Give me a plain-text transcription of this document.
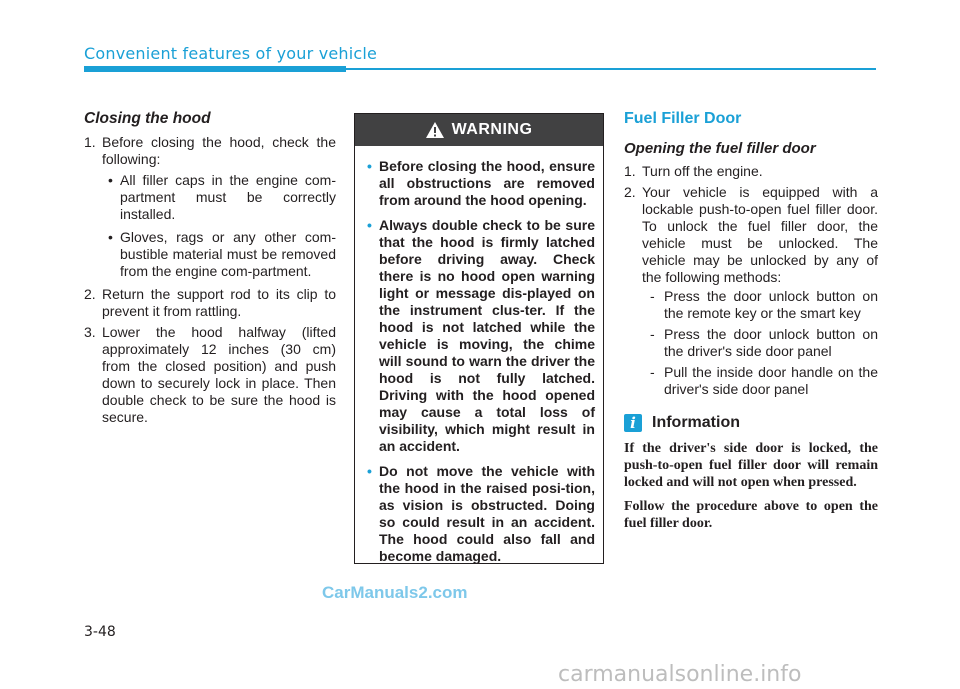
Convenient features of your vehicle
Closing the hood
1. Before closing the hood, check the following:
• All filler caps in the engine com-partment must be correctly installed.
• Gloves, rags or any other com-bustible material must be removed from the engine com-partment.
2. Return the support rod to its clip to prevent it from rattling.
3. Lower the hood halfway (lifted approximately 12 inches (30 cm) from the closed position) and push down to securely lock in place. Then double check to be sure the hood is secure.
WARNING
• Before closing the hood, ensure all obstructions are removed from around the hood opening.
• Always double check to be sure that the hood is firmly latched before driving away. Check there is no hood open warning light or message dis-played on the instrument clus-ter. If the hood is not latched while the vehicle is moving, the chime will sound to warn the driver the hood is not fully latched. Driving with the hood opened may cause a total loss of visibility, which might result in an accident.
• Do not move the vehicle with the hood in the raised posi-tion, as vision is obstructed. Doing so could result in an accident. The hood could also fall and become damaged.
Fuel Filler Door
Opening the fuel filler door
1. Turn off the engine.
2. Your vehicle is equipped with a lockable push-to-open fuel filler door. To unlock the fuel filler door, the vehicle must be unlocked. The vehicle may be unlocked by any of the following methods:
- Press the door unlock button on the remote key or the smart key
- Press the door unlock button on the driver's side door panel
- Pull the inside door handle on the driver's side door panel
i	Information

If the driver's side door is locked, the push-to-open fuel filler door will remain locked and will not open when pressed.

Follow the procedure above to open the fuel filler door.

3-48
CarManuals2.com
carmanualsonline.info
